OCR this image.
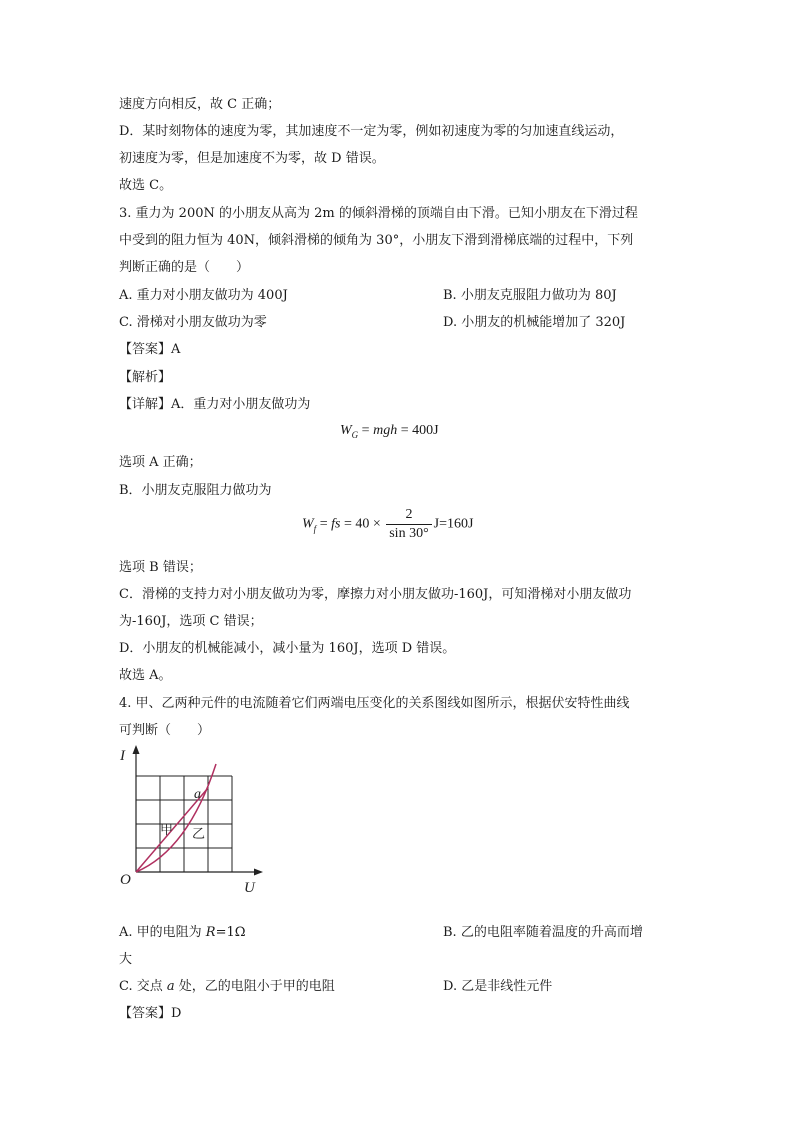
速度方向相反，故 C 正确；
D．某时刻物体的速度为零，其加速度不一定为零，例如初速度为零的匀加速直线运动，
初速度为零，但是加速度不为零，故 D 错误。
故选 C。
3. 重力为 200N 的小朋友从高为 2m 的倾斜滑梯的顶端自由下滑。已知小朋友在下滑过程
中受到的阻力恒为 40N，倾斜滑梯的倾角为 30°，小朋友下滑到滑梯底端的过程中，下列
判断正确的是（　　）
A. 重力对小朋友做功为 400J	B. 小朋友克服阻力做功为 80J
C. 滑梯对小朋友做功为零	D. 小朋友的机械能增加了 320J
【答案】A
【解析】
【详解】A．重力对小朋友做功为
$W_G$ = mgh = 400J
选项 A 正确；
B．小朋友克服阻力做功为
$W_f$ = fs = $40 \times \frac{2}{\sin 30^\circ} J=160J$
选项 B 错误；
C．滑梯的支持力对小朋友做功为零，摩擦力对小朋友做功-160J，可知滑梯对小朋友做功
为-160J，选项 C 错误；
D．小朋友的机械能减小，减小量为 160J，选项 D 错误。
故选 A。
4. 甲、乙两种元件的电流随着它们两端电压变化的关系图线如图所示，根据伏安特性曲线
可判断（　　）
I
U
O
甲 乙
a
A. 甲的电阻为 R=1Ω	B. 乙的电阻率随着温度的升高而增
大
C. 交点 a 处，乙的电阻小于甲的电阻	D. 乙是非线性元件
【答案】D
